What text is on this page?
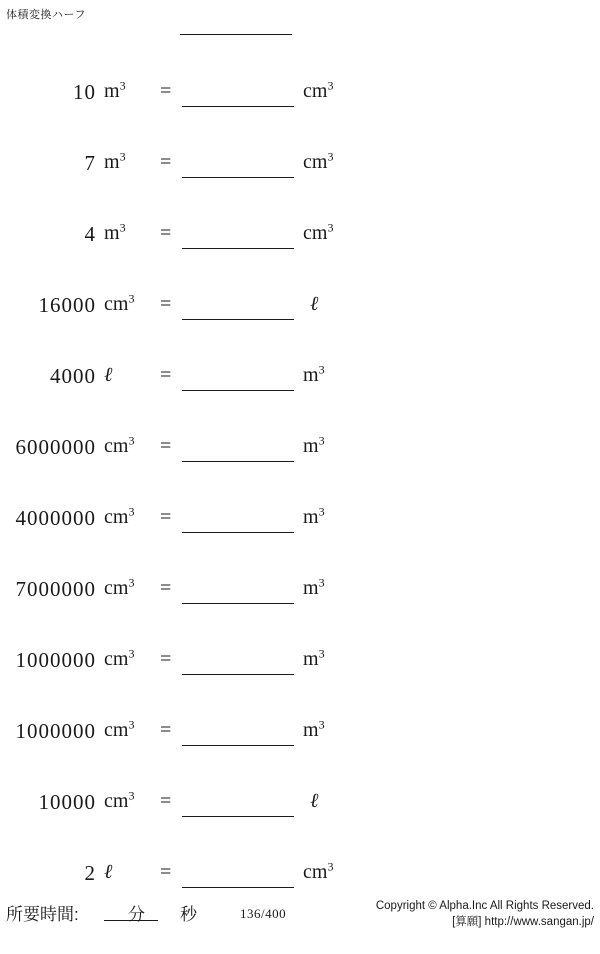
体積変換ハーフ
10 $m^3$ =	$cm^3$
7 $m^3$ =	$cm^3$
4 $m^3$ =	$cm^3$
16000 $cm^3$ =	ℓ
4000 ℓ =	$m^3$
6000000 $cm^3$ =	$m^3$
4000000 $cm^3$ =	$m^3$
7000000 $cm^3$ =	$m^3$
1000000 $cm^3$ =	$m^3$
1000000 $cm^3$ =	$m^3$
10000 $cm^3$ =	ℓ
2 ℓ =	$cm^3$
所要時間:	分 秒	136/400	Copyright © Alpha.Inc All Rights Reserved.
[算願] http://www.sangan.jp/
